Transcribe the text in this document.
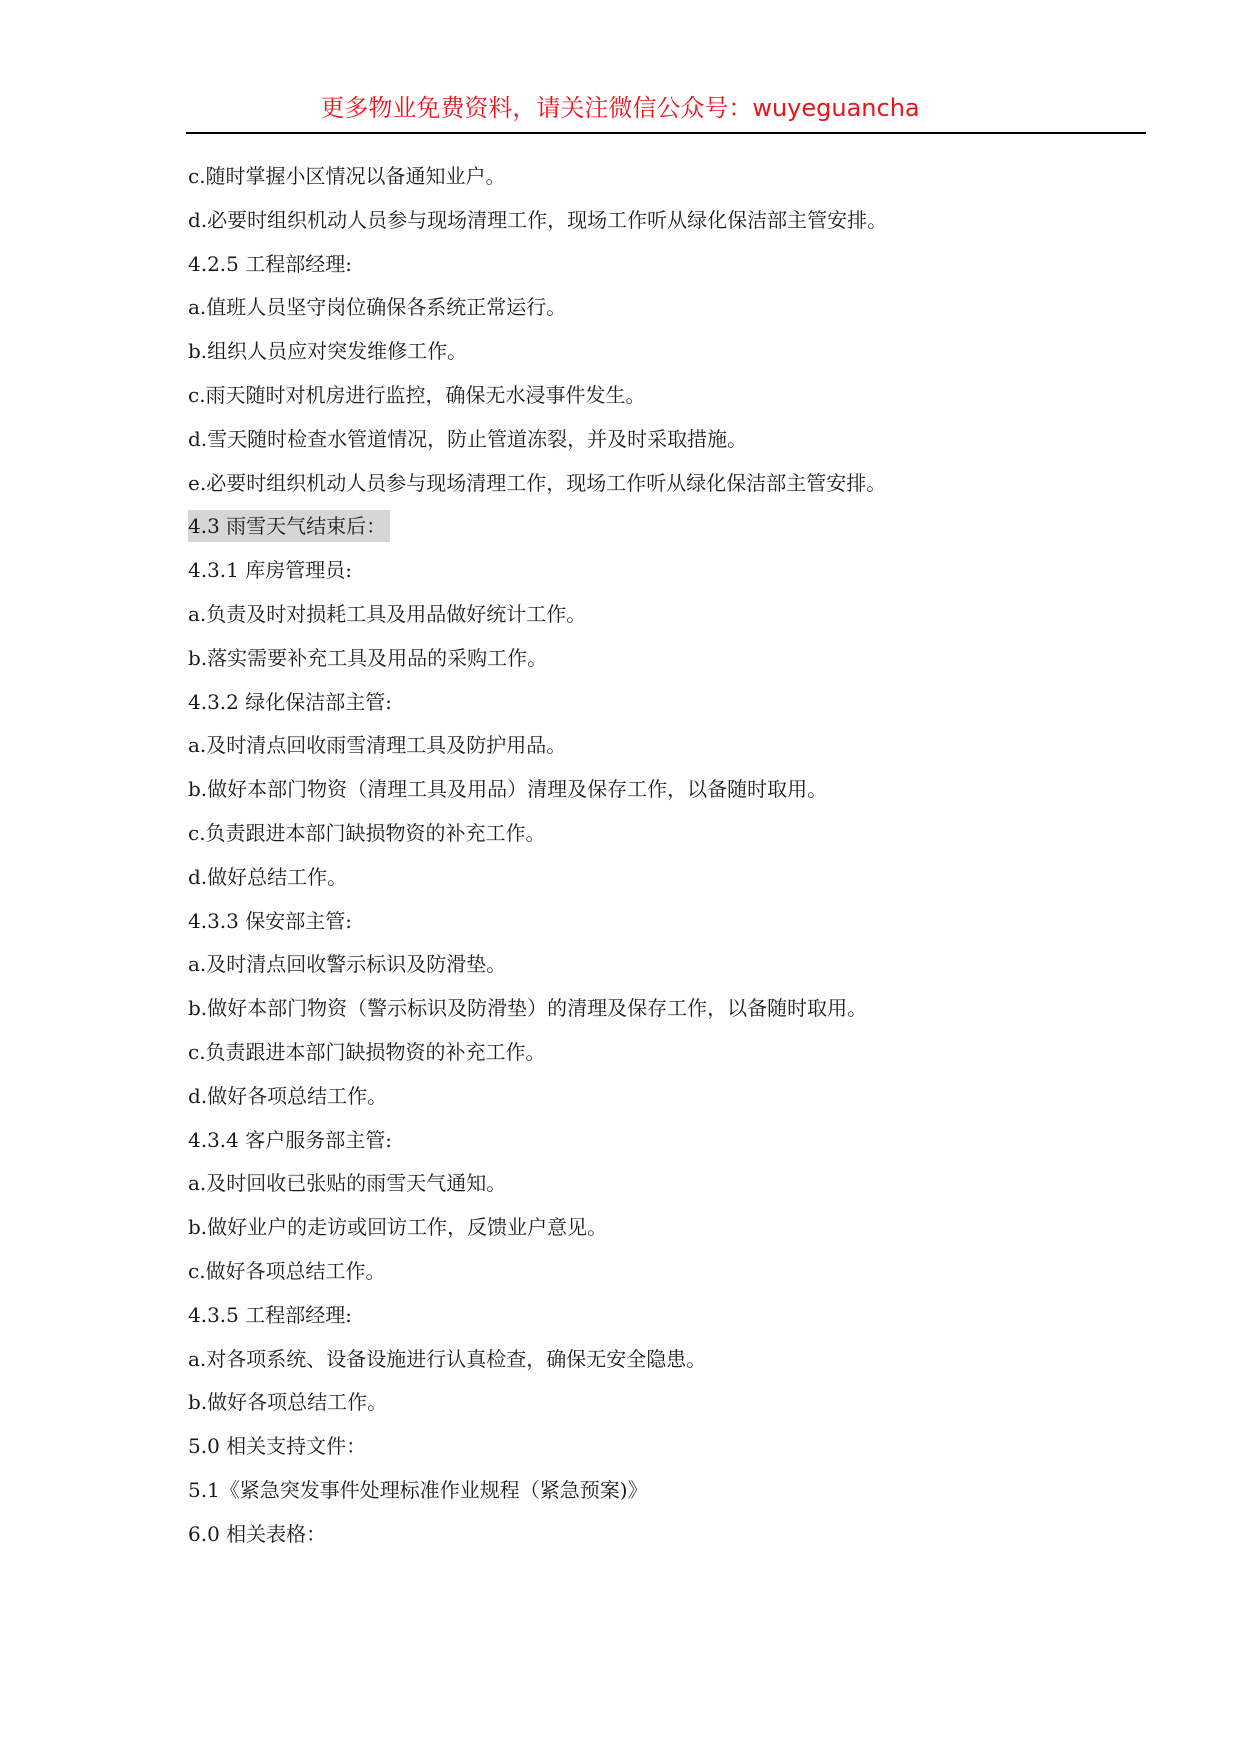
更多物业免费资料，请关注微信公众号：wuyeguancha
c.随时掌握小区情况以备通知业户。
d.必要时组织机动人员参与现场清理工作，现场工作听从绿化保洁部主管安排。
4.2.5 工程部经理:
a.值班人员坚守岗位确保各系统正常运行。
b.组织人员应对突发维修工作。
c.雨天随时对机房进行监控，确保无水浸事件发生。
d.雪天随时检查水管道情况，防止管道冻裂，并及时采取措施。
e.必要时组织机动人员参与现场清理工作，现场工作听从绿化保洁部主管安排。
4.3 雨雪天气结束后：
4.3.1 库房管理员:
a.负责及时对损耗工具及用品做好统计工作。
b.落实需要补充工具及用品的采购工作。
4.3.2 绿化保洁部主管:
a.及时清点回收雨雪清理工具及防护用品。
b.做好本部门物资（清理工具及用品）清理及保存工作，以备随时取用。
c.负责跟进本部门缺损物资的补充工作。
d.做好总结工作。
4.3.3 保安部主管:
a.及时清点回收警示标识及防滑垫。
b.做好本部门物资（警示标识及防滑垫）的清理及保存工作，以备随时取用。
c.负责跟进本部门缺损物资的补充工作。
d.做好各项总结工作。
4.3.4 客户服务部主管:
a.及时回收已张贴的雨雪天气通知。
b.做好业户的走访或回访工作，反馈业户意见。
c.做好各项总结工作。
4.3.5 工程部经理:
a.对各项系统、设备设施进行认真检查，确保无安全隐患。
b.做好各项总结工作。
5.0 相关支持文件：
5.1《紧急突发事件处理标准作业规程（紧急预案)》
6.0 相关表格：
